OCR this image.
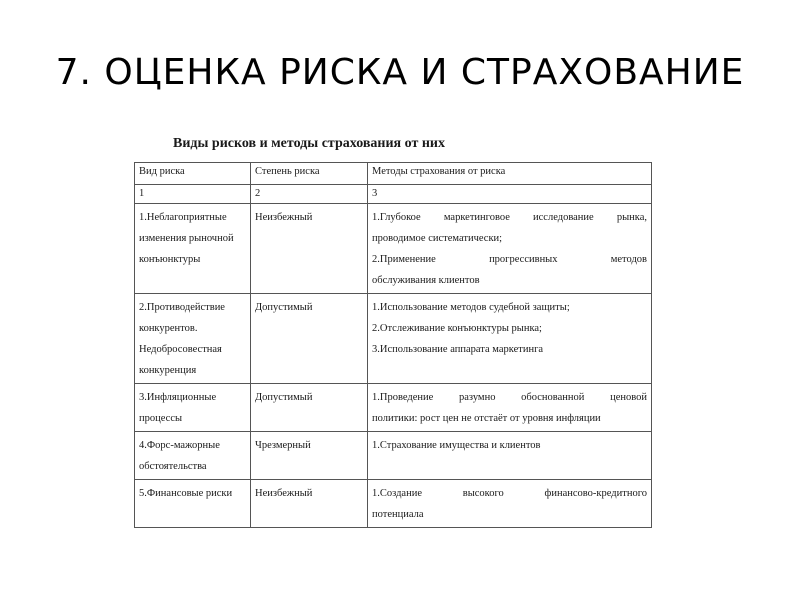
7. ОЦЕНКА РИСКА И СТРАХОВАНИЕ

Виды рисков и методы страхования от них

Вид риска	Степень риска	Методы страхования от риска
1	2	3
1.Неблагоприятные изменения рыночной конъюнктуры	Неизбежный	1.Глубокое маркетинговое исследование рынка,
проводимое систематически;
2.Применение прогрессивных методов
обслуживания клиентов

2.Противодействие конкурентов. Недобросовестная конкуренция	Допустимый	1.Использование методов судебной защиты;
2.Отслеживание конъюнктуры рынка;
3.Использование аппарата маркетинга

3.Инфляционные процессы	Допустимый	1.Проведение разумно обоснованной ценовой
политики: рост цен не отстаёт от уровня инфляции

4.Форс-мажорные обстоятельства	Чрезмерный	1.Страхование имущества и клиентов

5.Финансовые риски	Неизбежный	1.Создание высокого финансово-кредитного
потенциала
